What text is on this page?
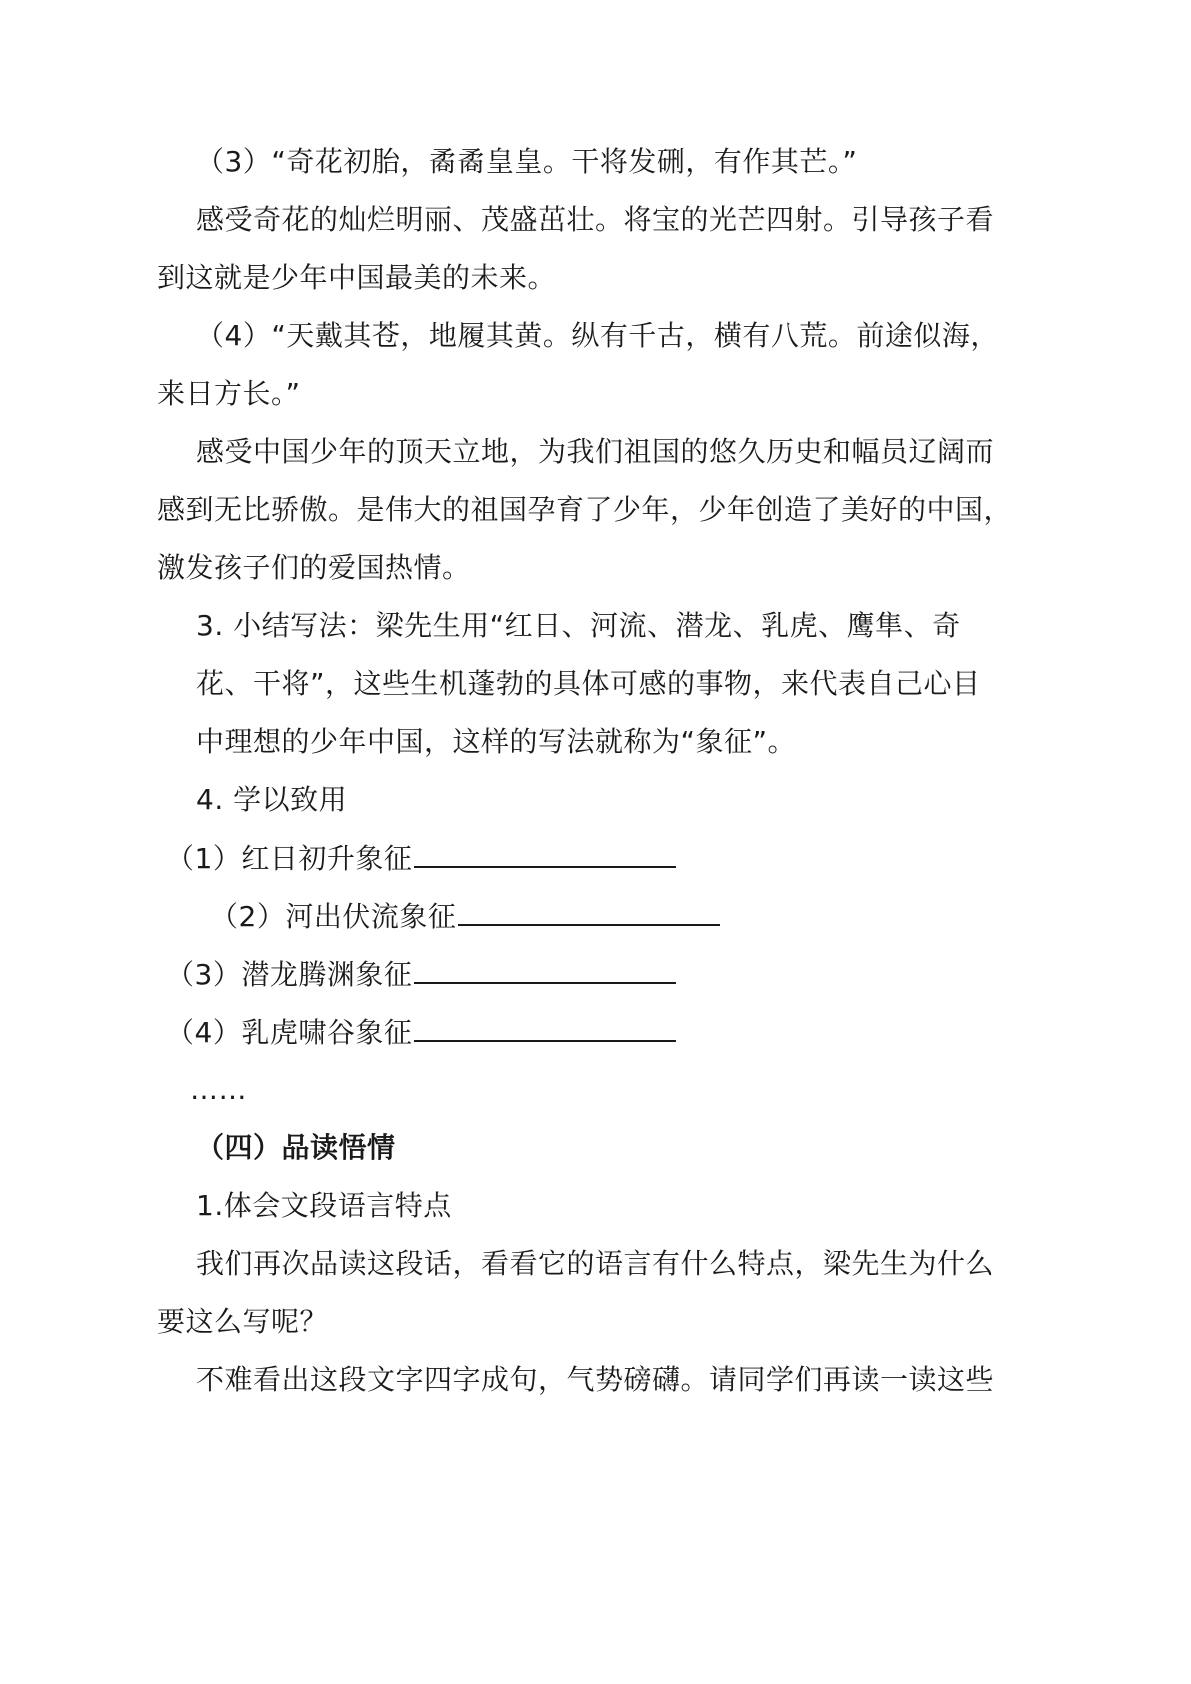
（3）“奇花初胎，矞矞皇皇。干将发硎，有作其芒。”
感受奇花的灿烂明丽、茂盛茁壮。将宝的光芒四射。引导孩子看
到这就是少年中国最美的未来。
（4）“天戴其苍，地履其黄。纵有千古，横有八荒。前途似海，
来日方长。”
感受中国少年的顶天立地，为我们祖国的悠久历史和幅员辽阔而
感到无比骄傲。是伟大的祖国孕育了少年，少年创造了美好的中国，
激发孩子们的爱国热情。
3. 小结写法：梁先生用“红日、河流、潜龙、乳虎、鹰隼、奇
花、干将”，这些生机蓬勃的具体可感的事物，来代表自己心目
中理想的少年中国，这样的写法就称为“象征”。
4. 学以致用
（1）红日初升象征
（2）河出伏流象征
（3）潜龙腾渊象征
（4）乳虎啸谷象征
……
（四）品读悟情
1.体会文段语言特点
我们再次品读这段话，看看它的语言有什么特点，梁先生为什么
要这么写呢？
不难看出这段文字四字成句，气势磅礴。请同学们再读一读这些
